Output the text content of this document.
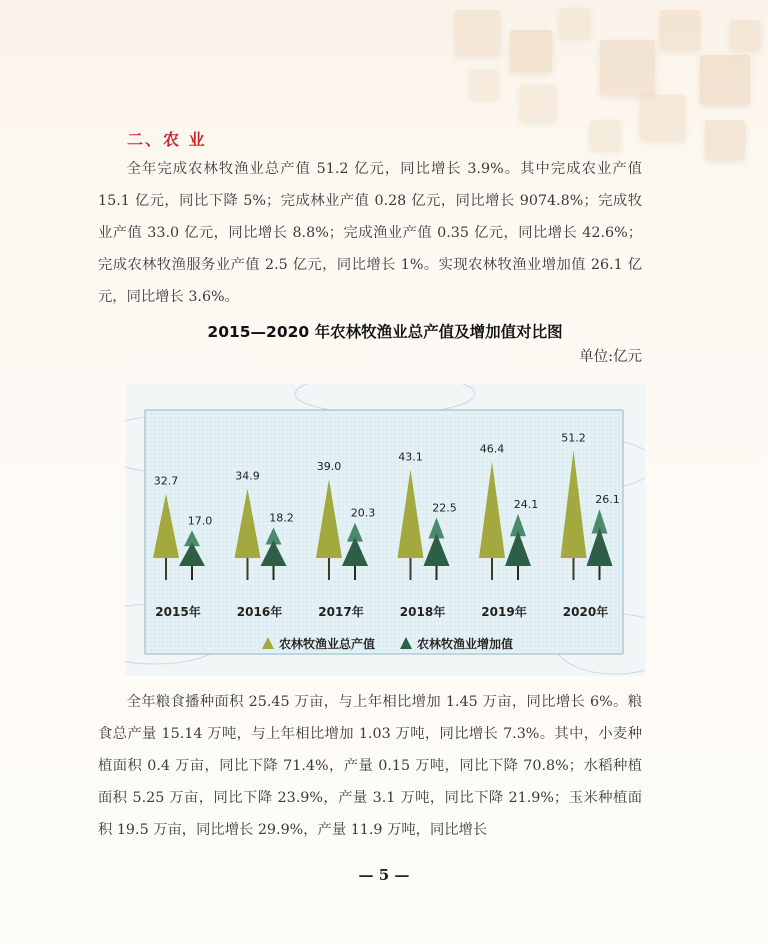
二、农 业

全年完成农林牧渔业总产值 51.2 亿元，同比增长 3.9%。其中完成农业产值 15.1 亿元，同比下降 5%；完成林业产值 0.28 亿元，同比增长 9074.8%；完成牧业产值 33.0 亿元，同比增长 8.8%；完成渔业产值 0.35 亿元，同比增长 42.6%；完成农林牧渔服务业产值 2.5 亿元，同比增长 1%。实现农林牧渔业增加值 26.1 亿元，同比增长 3.6%。

2015—2020 年农林牧渔业总产值及增加值对比图
单位:亿元
32.7
17.0
2015年
34.9
18.2
2016年
39.0
20.3
2017年
43.1
22.5
2018年
46.4
24.1
2019年
51.2
26.1
2020年
农林牧渔业总产值	农林牧渔业增加值

全年粮食播种面积 25.45 万亩，与上年相比增加 1.45 万亩，同比增长 6%。粮食总产量 15.14 万吨，与上年相比增加 1.03 万吨，同比增长 7.3%。其中，小麦种植面积 0.4 万亩，同比下降 71.4%，产量 0.15 万吨，同比下降 70.8%；水稻种植面积 5.25 万亩，同比下降 23.9%，产量 3.1 万吨，同比下降 21.9%；玉米种植面积 19.5 万亩，同比增长 29.9%，产量 11.9 万吨，同比增长

— 5 —
